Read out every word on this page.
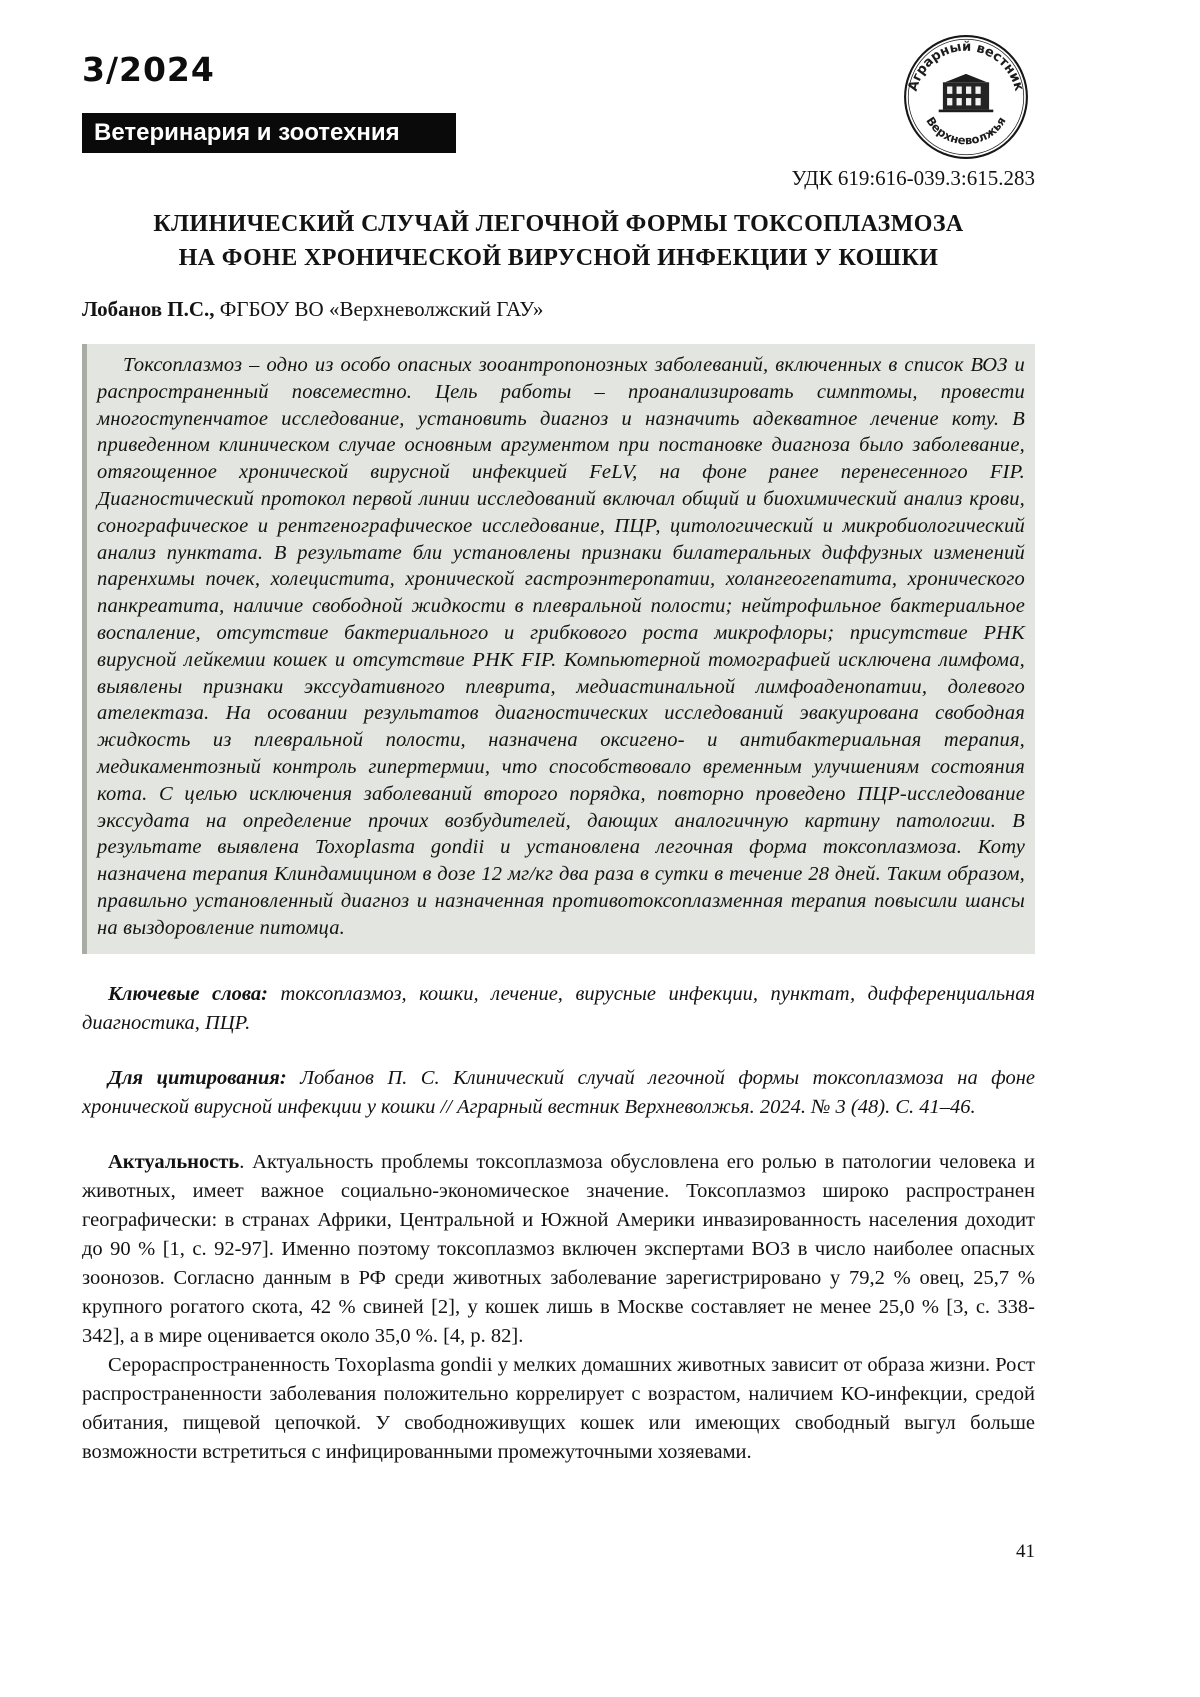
3/2024
Ветеринария и зоотехния
Аграрный вестник
Верхневолжья
УДК 619:616-039.3:615.283
КЛИНИЧЕСКИЙ СЛУЧАЙ ЛЕГОЧНОЙ ФОРМЫ ТОКСОПЛАЗМОЗА
НА ФОНЕ ХРОНИЧЕСКОЙ ВИРУСНОЙ ИНФЕКЦИИ У КОШКИ
Лобанов П.С., ФГБОУ ВО «Верхневолжский ГАУ»

Токсоплазмоз – одно из особо опасных зооантропонозных заболеваний, включенных в список ВОЗ и распространенный повсеместно. Цель работы – проанализировать симптомы, провести многоступенчатое исследование, установить диагноз и назначить адекватное лечение коту. В приведенном клиническом случае основным аргументом при постановке диагноза было заболевание, отягощенное хронической вирусной инфекцией FeLV, на фоне ранее перенесенного FIP. Диагностический протокол первой линии исследований включал общий и биохимический анализ крови, сонографическое и рентгенографическое исследование, ПЦР, цитологический и микробиологический анализ пунктата. В результате бли установлены признаки билатеральных диффузных изменений паренхимы почек, холецистита, хронической гастроэнтеропатии, холангеогепатита, хронического панкреатита, наличие свободной жидкости в плевральной полости; нейтрофильное бактериальное воспаление, отсутствие бактериального и грибкового роста микрофлоры; присутствие РНК вирусной лейкемии кошек и отсутствие РНК FIP. Компьютерной томографией исключена лимфома, выявлены признаки экссудативного плеврита, медиастинальной лимфоаденопатии, долевого ателектаза. На осовании результатов диагностических исследований эвакуирована свободная жидкость из плевральной полости, назначена оксигено- и антибактериальная терапия, медикаментозный контроль гипертермии, что способствовало временным улучшениям состояния кота. С целью исключения заболеваний второго порядка, повторно проведено ПЦР-исследование экссудата на определение прочих возбудителей, дающих аналогичную картину патологии. В результате выявлена Toxoplasma gondii и установлена легочная форма токсоплазмоза. Коту назначена терапия Клиндамицином в дозе 12 мг/кг два раза в сутки в течение 28 дней. Таким образом, правильно установленный диагноз и назначенная противотоксоплазменная терапия повысили шансы на выздоровление питомца.

Ключевые слова: токсоплазмоз, кошки, лечение, вирусные инфекции, пунктат, дифференциальная диагностика, ПЦР.

Для цитирования: Лобанов П. С. Клинический случай легочной формы токсоплазмоза на фоне хронической вирусной инфекции у кошки // Аграрный вестник Верхневолжья. 2024. № 3 (48). С. 41–46.

Актуальность. Актуальность проблемы токсоплазмоза обусловлена его ролью в патологии человека и животных, имеет важное социально-экономическое значение. Токсоплазмоз широко распространен географически: в странах Африки, Центральной и Южной Америки инвазированность населения доходит до 90 % [1, с. 92-97]. Именно поэтому токсоплазмоз включен экспертами ВОЗ в число наиболее опасных зоонозов. Согласно данным в РФ среди животных заболевание зарегистрировано у 79,2 % овец, 25,7 % крупного рогатого скота, 42 % свиней [2], у кошек лишь в Москве составляет не менее 25,0 % [3, с. 338-342], а в мире оценивается около 35,0 %. [4, p. 82].

Серораспространенность Toxoplasma gondii у мелких домашних животных зависит от образа жизни. Рост распространенности заболевания положительно коррелирует с возрастом, наличием КО-инфекции, средой обитания, пищевой цепочкой. У свободноживущих кошек или имеющих свободный выгул больше возможности встретиться с инфицированными промежуточными хозяевами.

41
